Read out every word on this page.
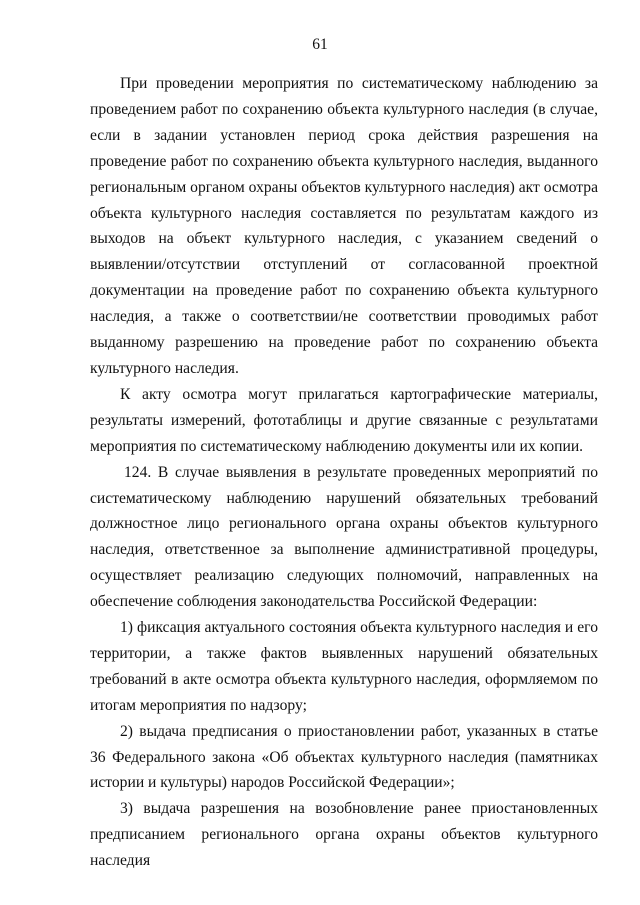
61

При проведении мероприятия по систематическому наблюдению за проведением работ по сохранению объекта культурного наследия (в случае, если в задании установлен период срока действия разрешения на проведение работ по сохранению объекта культурного наследия, выданного региональным органом охраны объектов культурного наследия) акт осмотра объекта культурного наследия составляется по результатам каждого из выходов на объект культурного наследия, с указанием сведений о выявлении/отсутствии отступлений от согласованной проектной документации на проведение работ по сохранению объекта культурного наследия, а также о соответствии/не соответствии проводимых работ выданному разрешению на проведение работ по сохранению объекта культурного наследия.

К акту осмотра могут прилагаться картографические материалы, результаты измерений, фототаблицы и другие связанные с результатами мероприятия по систематическому наблюдению документы или их копии.

124. В случае выявления в результате проведенных мероприятий по систематическому наблюдению нарушений обязательных требований должностное лицо регионального органа охраны объектов культурного наследия, ответственное за выполнение административной процедуры, осуществляет реализацию следующих полномочий, направленных на обеспечение соблюдения законодательства Российской Федерации:

1) фиксация актуального состояния объекта культурного наследия и его территории, а также фактов выявленных нарушений обязательных требований в акте осмотра объекта культурного наследия, оформляемом по итогам мероприятия по надзору;

2) выдача предписания о приостановлении работ, указанных в статье 36 Федерального закона «Об объектах культурного наследия (памятниках истории и культуры) народов Российской Федерации»;

3) выдача разрешения на возобновление ранее приостановленных предписанием регионального органа охраны объектов культурного наследия
